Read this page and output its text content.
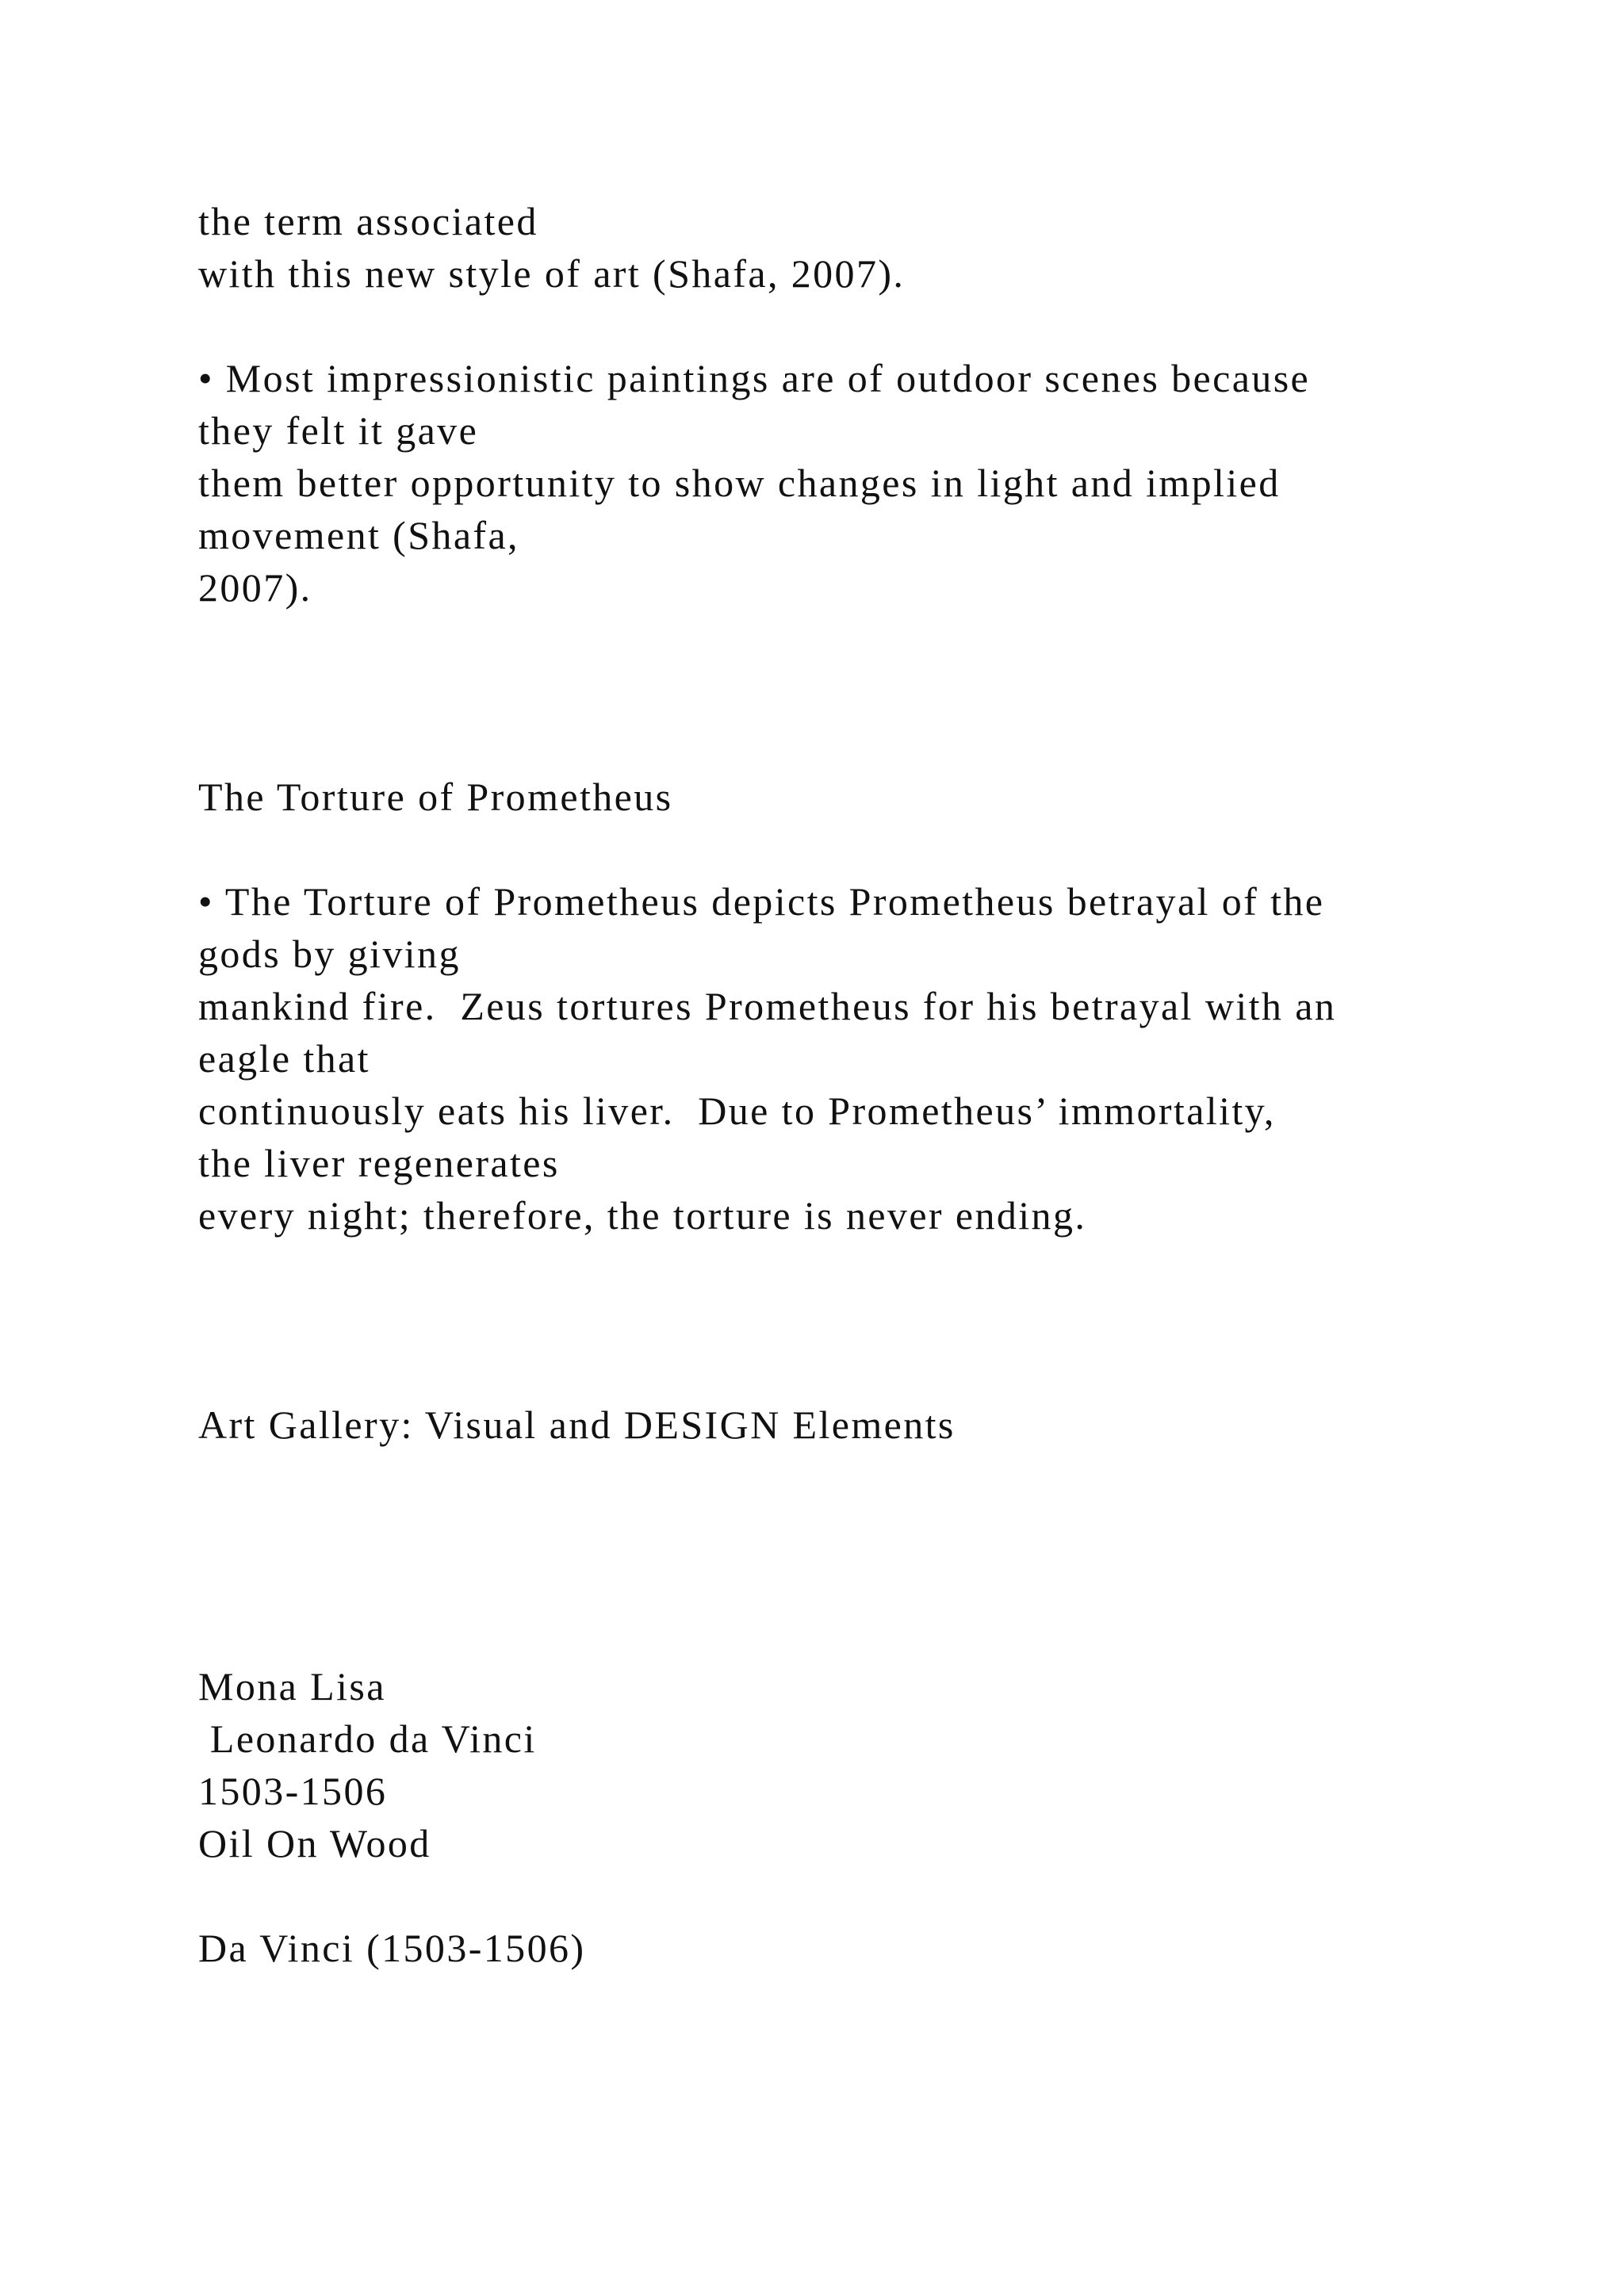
the term associated

with this new style of art (Shafa, 2007).

• Most impressionistic paintings are of outdoor scenes because

they felt it gave

them better opportunity to show changes in light and implied

movement (Shafa,

2007).

The Torture of Prometheus

• The Torture of Prometheus depicts Prometheus betrayal of the

gods by giving

mankind fire.  Zeus tortures Prometheus for his betrayal with an

eagle that

continuously eats his liver.  Due to Prometheus’ immortality,

the liver regenerates

every night; therefore, the torture is never ending.

Art Gallery: Visual and DESIGN Elements

Mona Lisa

Leonardo da Vinci

1503-1506

Oil On Wood

Da Vinci (1503-1506)
